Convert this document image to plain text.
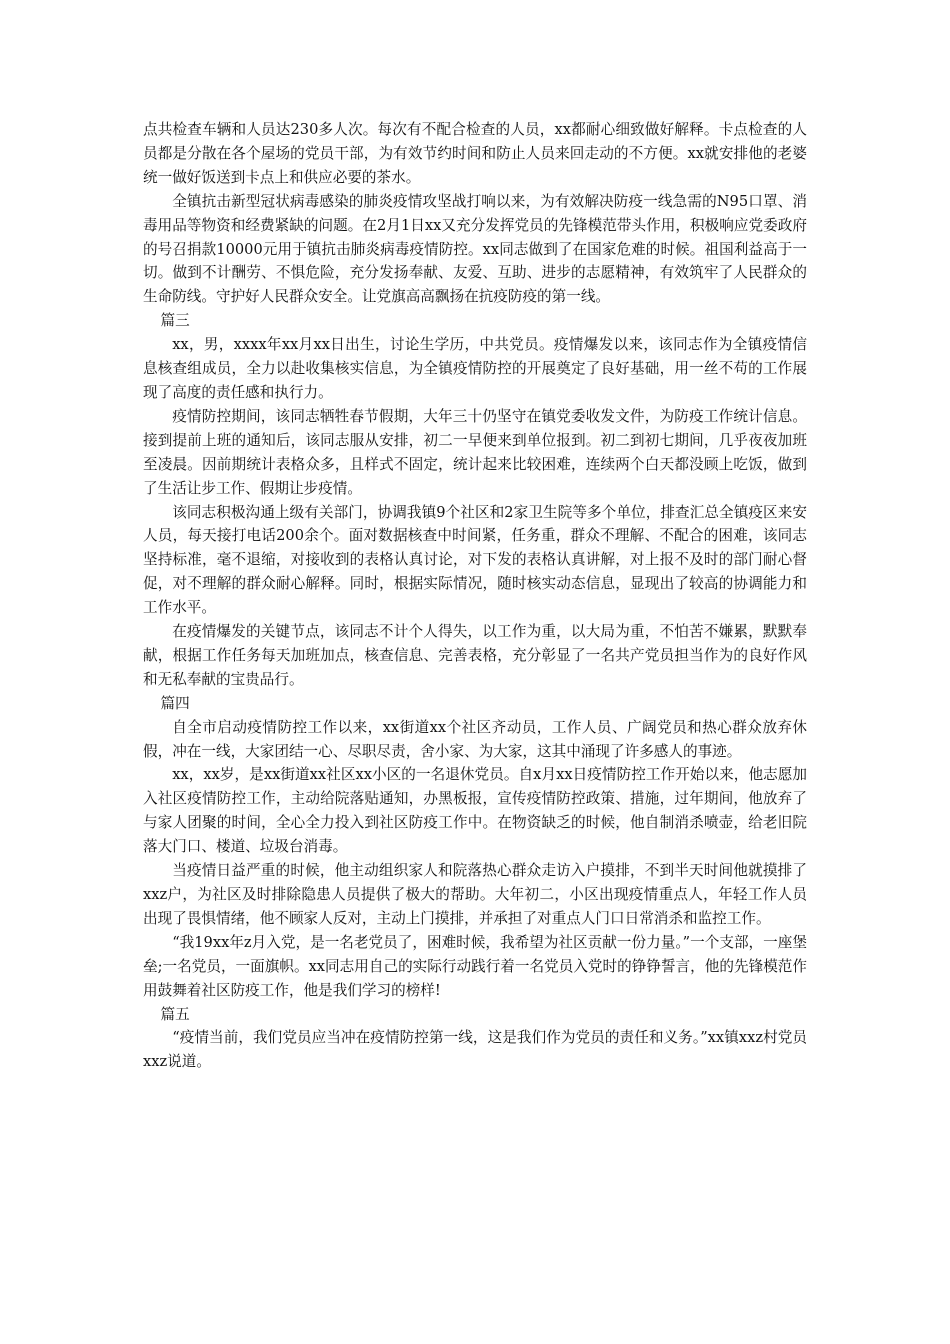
点共检查车辆和人员达230多人次。每次有不配合检查的人员，xx都耐心细致做好解释。卡点检查的人员都是分散在各个屋场的党员干部，为有效节约时间和防止人员来回走动的不方便。xx就安排他的老婆统一做好饭送到卡点上和供应必要的茶水。

全镇抗击新型冠状病毒感染的肺炎疫情攻坚战打响以来，为有效解决防疫一线急需的N95口罩、消毒用品等物资和经费紧缺的问题。在2月1日xx又充分发挥党员的先锋模范带头作用，积极响应党委政府的号召捐款10000元用于镇抗击肺炎病毒疫情防控。xx同志做到了在国家危难的时候。祖国利益高于一切。做到不计酬劳、不惧危险，充分发扬奉献、友爱、互助、进步的志愿精神，有效筑牢了人民群众的生命防线。守护好人民群众安全。让党旗高高飘扬在抗疫防疫的第一线。

篇三

xx，男，xxxx年xx月xx日出生，讨论生学历，中共党员。疫情爆发以来，该同志作为全镇疫情信息核查组成员，全力以赴收集核实信息，为全镇疫情防控的开展奠定了良好基础，用一丝不苟的工作展现了高度的责任感和执行力。

疫情防控期间，该同志牺牲春节假期，大年三十仍坚守在镇党委收发文件，为防疫工作统计信息。接到提前上班的通知后，该同志服从安排，初二一早便来到单位报到。初二到初七期间，几乎夜夜加班至凌晨。因前期统计表格众多，且样式不固定，统计起来比较困难，连续两个白天都没顾上吃饭，做到了生活让步工作、假期让步疫情。

该同志积极沟通上级有关部门，协调我镇9个社区和2家卫生院等多个单位，排查汇总全镇疫区来安人员，每天接打电话200余个。面对数据核查中时间紧，任务重，群众不理解、不配合的困难，该同志坚持标准，毫不退缩，对接收到的表格认真讨论，对下发的表格认真讲解，对上报不及时的部门耐心督促，对不理解的群众耐心解释。同时，根据实际情况，随时核实动态信息，显现出了较高的协调能力和工作水平。

在疫情爆发的关键节点，该同志不计个人得失，以工作为重，以大局为重，不怕苦不嫌累，默默奉献，根据工作任务每天加班加点，核查信息、完善表格，充分彰显了一名共产党员担当作为的良好作风和无私奉献的宝贵品行。

篇四

自全市启动疫情防控工作以来，xx街道xx个社区齐动员，工作人员、广阔党员和热心群众放弃休假，冲在一线，大家团结一心、尽职尽责，舍小家、为大家，这其中涌现了许多感人的事迹。

xx，xx岁，是xx街道xx社区xx小区的一名退休党员。自x月xx日疫情防控工作开始以来，他志愿加入社区疫情防控工作，主动给院落贴通知，办黑板报，宣传疫情防控政策、措施，过年期间，他放弃了与家人团聚的时间，全心全力投入到社区防疫工作中。在物资缺乏的时候，他自制消杀喷壶，给老旧院落大门口、楼道、垃圾台消毒。

当疫情日益严重的时候，他主动组织家人和院落热心群众走访入户摸排，不到半天时间他就摸排了xxz户，为社区及时排除隐患人员提供了极大的帮助。大年初二，小区出现疫情重点人，年轻工作人员出现了畏惧情绪，他不顾家人反对，主动上门摸排，并承担了对重点人门口日常消杀和监控工作。

“我19xx年z月入党，是一名老党员了，困难时候，我希望为社区贡献一份力量。”一个支部，一座堡垒;一名党员，一面旗帜。xx同志用自己的实际行动践行着一名党员入党时的铮铮誓言，他的先锋模范作用鼓舞着社区防疫工作，他是我们学习的榜样!

篇五

“疫情当前，我们党员应当冲在疫情防控第一线，这是我们作为党员的责任和义务。”xx镇xxz村党员xxz说道。
